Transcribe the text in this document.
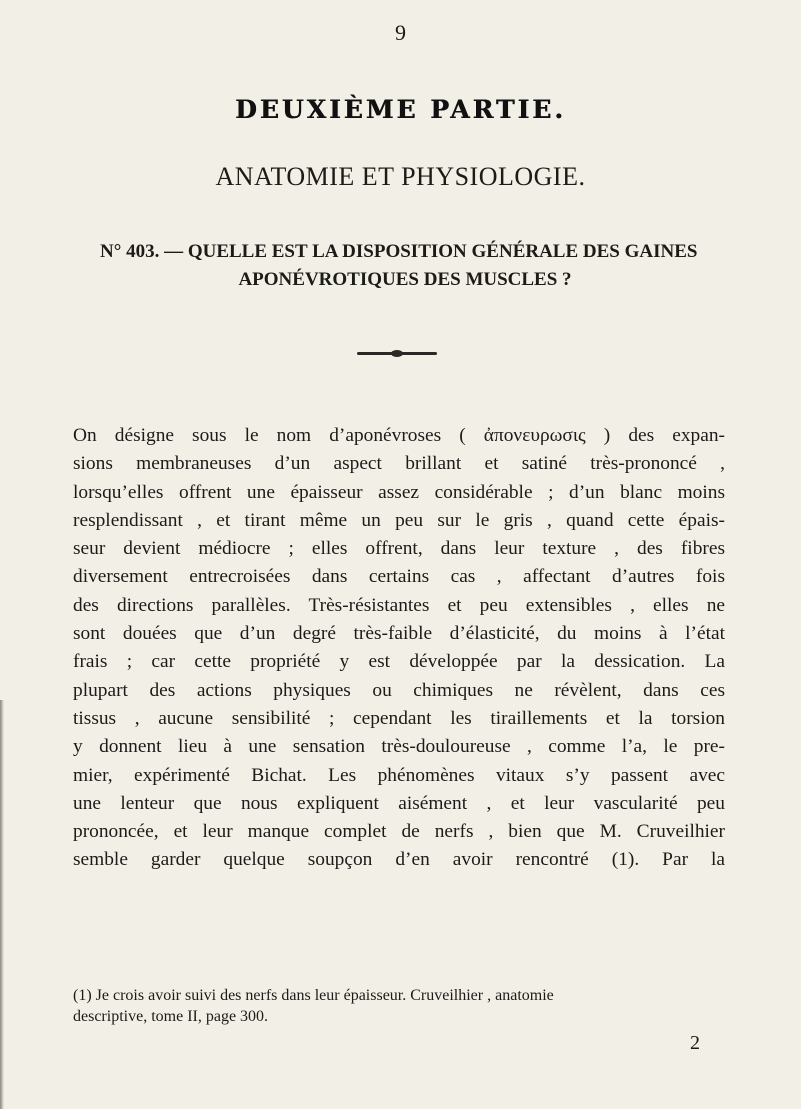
9
DEUXIÈME PARTIE.
ANATOMIE ET PHYSIOLOGIE.
N° 403. — QUELLE EST LA DISPOSITION GÉNÉRALE DES GAINES
APONÉVROTIQUES DES MUSCLES ?
On désigne sous le nom d’aponévroses ( ἀπονευρωσις ) des expan-
sions membraneuses d’un aspect brillant et satiné très-prononcé ,
lorsqu’elles offrent une épaisseur assez considérable ; d’un blanc moins
resplendissant , et tirant même un peu sur le gris , quand cette épais-
seur devient médiocre ; elles offrent, dans leur texture , des fibres
diversement entrecroisées dans certains cas , affectant d’autres fois
des directions parallèles. Très-résistantes et peu extensibles , elles ne
sont douées que d’un degré très-faible d’élasticité, du moins à l’état
frais ; car cette propriété y est développée par la dessication. La
plupart des actions physiques ou chimiques ne révèlent, dans ces
tissus , aucune sensibilité ; cependant les tiraillements et la torsion
y donnent lieu à une sensation très-douloureuse , comme l’a, le pre-
mier, expérimenté Bichat. Les phénomènes vitaux s’y passent avec
une lenteur que nous expliquent aisément , et leur vascularité peu
prononcée, et leur manque complet de nerfs , bien que M. Cruveilhier
semble garder quelque soupçon d’en avoir rencontré (1). Par la
(1) Je crois avoir suivi des nerfs dans leur épaisseur. Cruveilhier , anatomie
descriptive, tome II, page 300.
2
